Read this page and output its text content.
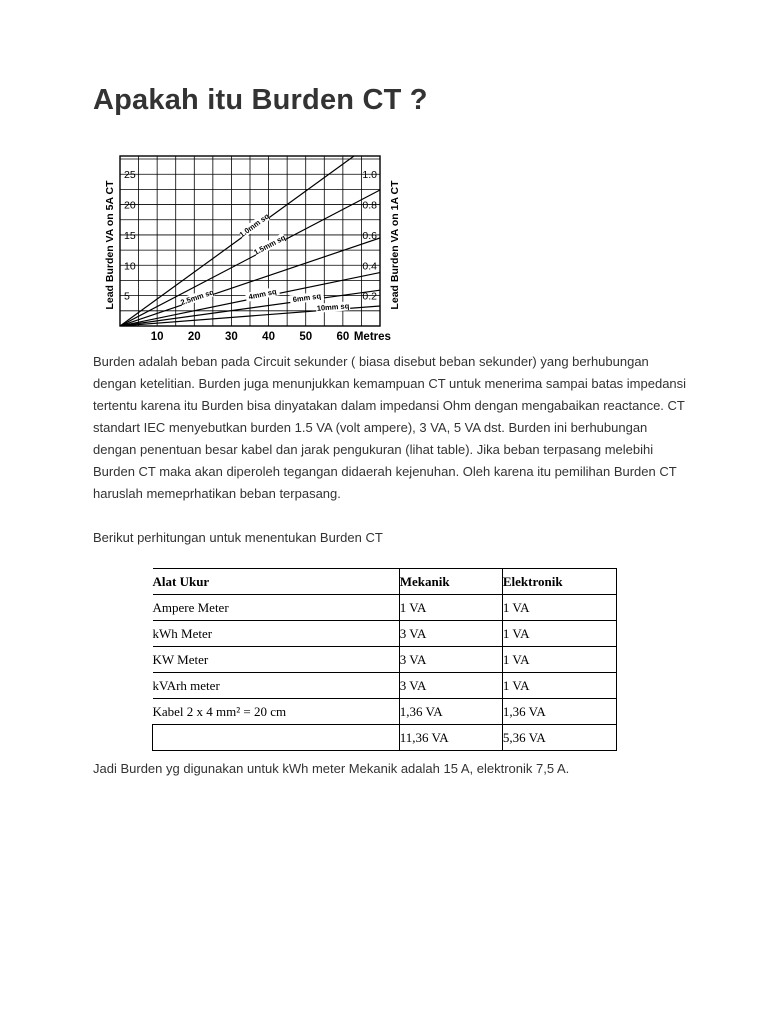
Apakah itu Burden CT ?
1.0mm sq
1.5mm sq
2.5mm sq	4mm sq 6mm sq
10mm sq
5
10
15
20
25
0.2
0.4
0.6
0.8
1.0
10 20 30 40 50 60 Metres
Lead Burden VA on 5A CT	Lead Burden VA on 1A CT

Burden adalah beban pada Circuit sekunder ( biasa disebut beban sekunder) yang berhubungan dengan ketelitian. Burden juga menunjukkan kemampuan CT untuk menerima sampai batas impedansi tertentu karena itu Burden bisa dinyatakan dalam impedansi Ohm dengan mengabaikan reactance. CT standart IEC menyebutkan burden 1.5 VA (volt ampere), 3 VA, 5 VA dst. Burden ini berhubungan dengan penentuan besar kabel dan jarak pengukuran (lihat table). Jika beban terpasang melebihi Burden CT maka akan diperoleh tegangan didaerah kejenuhan. Oleh karena itu pemilihan Burden CT haruslah memeprhatikan beban terpasang.

Berikut perhitungan untuk menentukan Burden CT

Alat Ukur	Mekanik	Elektronik
Ampere Meter	1 VA	1 VA
kWh Meter	3 VA	1 VA
KW Meter	3 VA	1 VA
kVArh meter	3 VA	1 VA
Kabel 2 x 4 mm² = 20 cm	1,36 VA	1,36 VA
	11,36 VA	5,36 VA

Jadi Burden yg digunakan untuk kWh meter Mekanik adalah 15 A, elektronik 7,5 A.
